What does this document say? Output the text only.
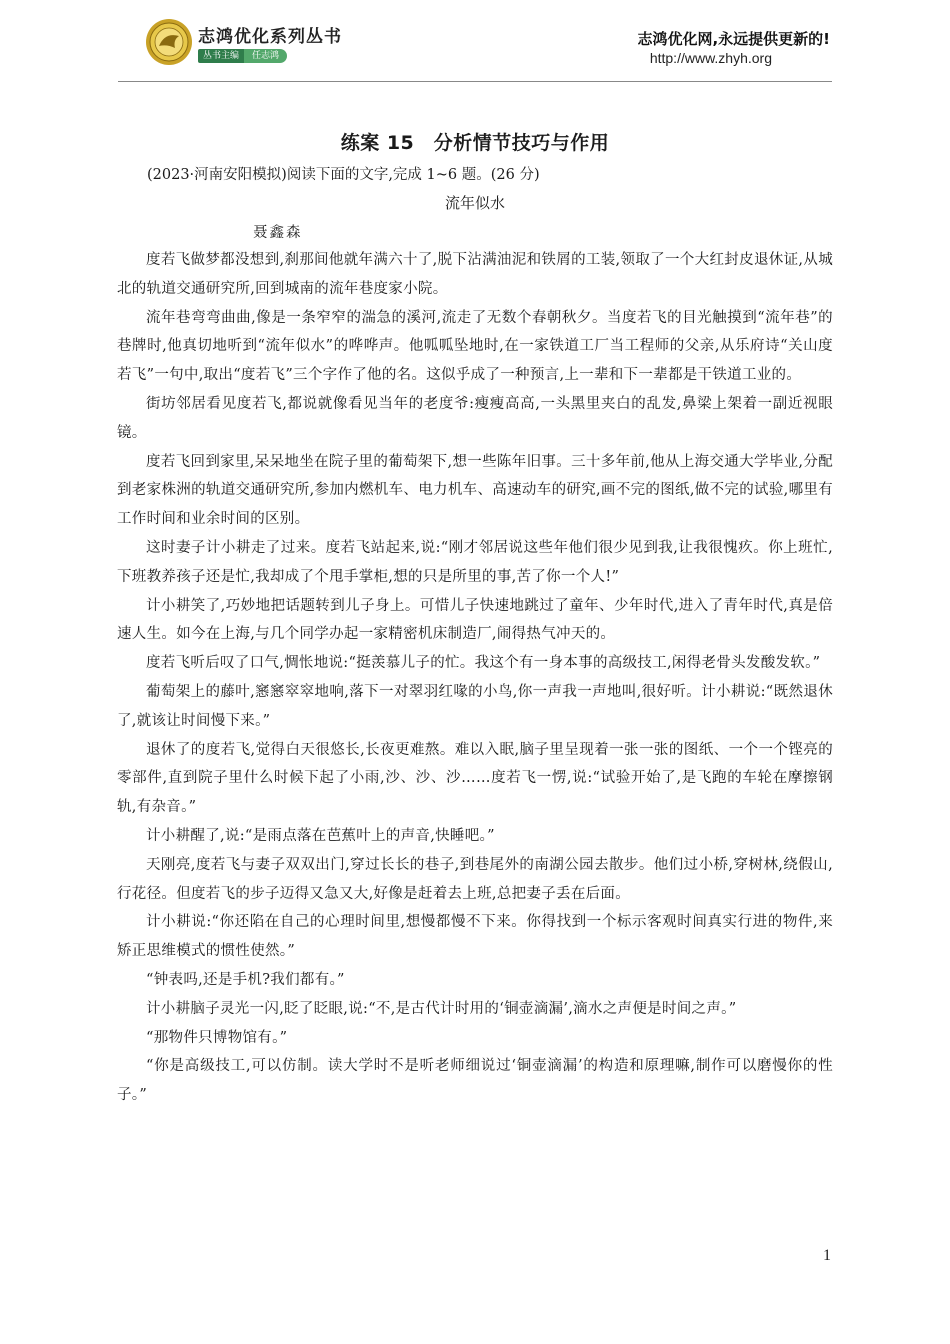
志鸿优化系列丛书
丛书主编	任志鸿
志鸿优化网,永远提供更新的!
http://www.zhyh.org
练案 15　分析情节技巧与作用
(2023·河南安阳模拟)阅读下面的文字,完成 1~6 题。(26 分)
流年似水
聂鑫森

度若飞做梦都没想到,刹那间他就年满六十了,脱下沾满油泥和铁屑的工装,领取了一个大红封皮退休证,从城北的轨道交通研究所,回到城南的流年巷度家小院。

流年巷弯弯曲曲,像是一条窄窄的湍急的溪河,流走了无数个春朝秋夕。当度若飞的目光触摸到“流年巷”的巷牌时,他真切地听到“流年似水”的哗哗声。他呱呱坠地时,在一家铁道工厂当工程师的父亲,从乐府诗“关山度若飞”一句中,取出“度若飞”三个字作了他的名。这似乎成了一种预言,上一辈和下一辈都是干铁道工业的。

街坊邻居看见度若飞,都说就像看见当年的老度爷:瘦瘦高高,一头黑里夹白的乱发,鼻梁上架着一副近视眼镜。

度若飞回到家里,呆呆地坐在院子里的葡萄架下,想一些陈年旧事。三十多年前,他从上海交通大学毕业,分配到老家株洲的轨道交通研究所,参加内燃机车、电力机车、高速动车的研究,画不完的图纸,做不完的试验,哪里有工作时间和业余时间的区别。

这时妻子计小耕走了过来。度若飞站起来,说:“刚才邻居说这些年他们很少见到我,让我很愧疚。你上班忙,下班教养孩子还是忙,我却成了个甩手掌柜,想的只是所里的事,苦了你一个人!”

计小耕笑了,巧妙地把话题转到儿子身上。可惜儿子快速地跳过了童年、少年时代,进入了青年时代,真是倍速人生。如今在上海,与几个同学办起一家精密机床制造厂,闹得热气冲天的。

度若飞听后叹了口气,惆怅地说:“挺羡慕儿子的忙。我这个有一身本事的高级技工,闲得老骨头发酸发软。”

葡萄架上的藤叶,窸窸窣窣地响,落下一对翠羽红喙的小鸟,你一声我一声地叫,很好听。计小耕说:“既然退休了,就该让时间慢下来。”

退休了的度若飞,觉得白天很悠长,长夜更难熬。难以入眠,脑子里呈现着一张一张的图纸、一个一个铿亮的零部件,直到院子里什么时候下起了小雨,沙、沙、沙……度若飞一愣,说:“试验开始了,是飞跑的车轮在摩擦钢轨,有杂音。”

计小耕醒了,说:“是雨点落在芭蕉叶上的声音,快睡吧。”

天刚亮,度若飞与妻子双双出门,穿过长长的巷子,到巷尾外的南湖公园去散步。他们过小桥,穿树林,绕假山,行花径。但度若飞的步子迈得又急又大,好像是赶着去上班,总把妻子丢在后面。

计小耕说:“你还陷在自己的心理时间里,想慢都慢不下来。你得找到一个标示客观时间真实行进的物件,来矫正思维模式的惯性使然。”

“钟表吗,还是手机?我们都有。”

计小耕脑子灵光一闪,眨了眨眼,说:“不,是古代计时用的‘铜壶滴漏’,滴水之声便是时间之声。”

“那物件只博物馆有。”

“你是高级技工,可以仿制。读大学时不是听老师细说过‘铜壶滴漏’的构造和原理嘛,制作可以磨慢你的性子。”

1
